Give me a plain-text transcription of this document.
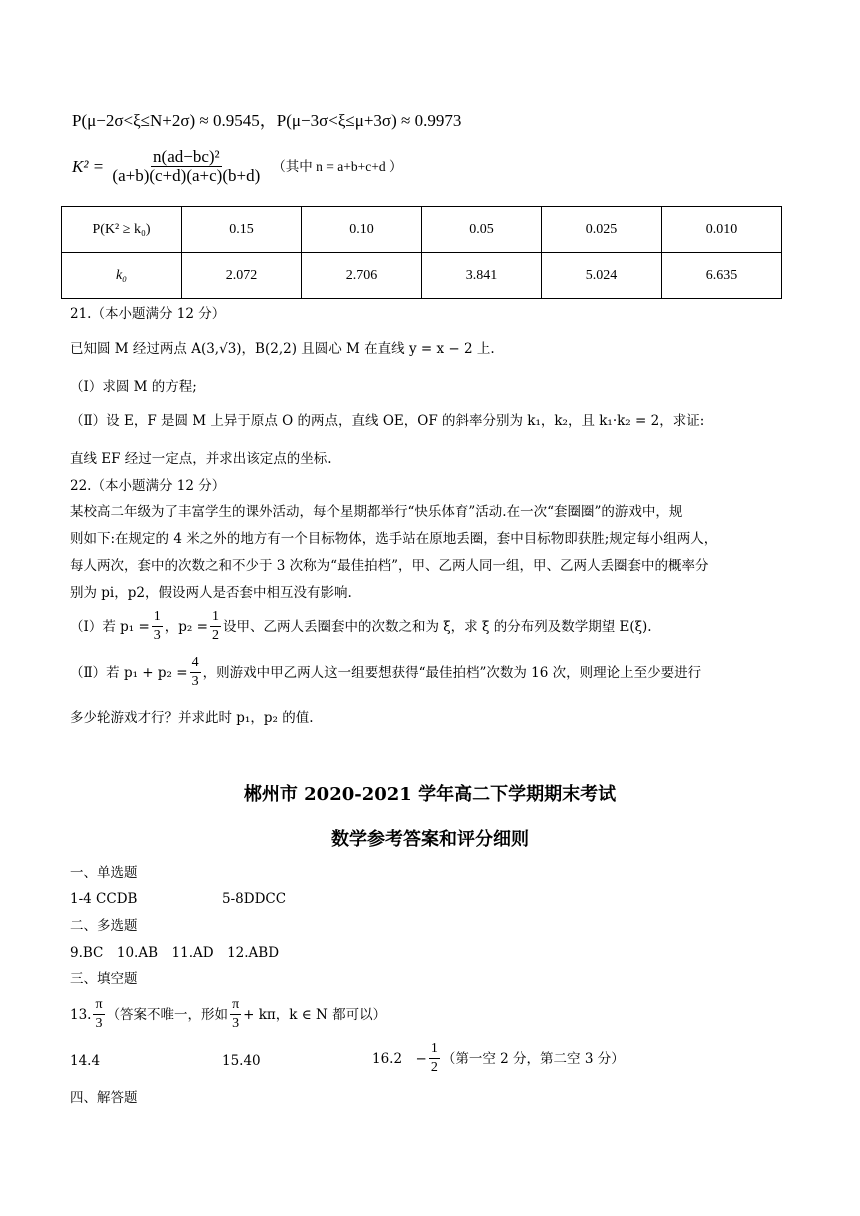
P(μ−2σ<ξ≤N+2σ) ≈ 0.9545，P(μ−3σ<ξ≤μ+3σ) ≈ 0.9973
$K^2 = \frac{\text{n(ad−bc)²}}{(a+b)(c+d)(a+c)(b+d)}$ （其中 n = a+b+c+d ）
P(K² ≥ k₀)	0.15	0.10	0.05	0.025	0.010
k₀	2.072	2.706	3.841	5.024	6.635
21.（本小题满分 12 分）
已知圆 M 经过两点 A(3,√3)，B(2,2) 且圆心 M 在直线 y = x − 2 上.
（Ⅰ）求圆 M 的方程;
（Ⅱ）设 E，F 是圆 M 上异于原点 O 的两点，直线 OE，OF 的斜率分别为 k₁，k₂，且 k₁·k₂ = 2，求证:
直线 EF 经过一定点，并求出该定点的坐标.
22.（本小题满分 12 分）
某校高二年级为了丰富学生的课外活动，每个星期都举行“快乐体育”活动.在一次“套圈圈”的游戏中，规
则如下:在规定的 4 米之外的地方有一个目标物体，选手站在原地丢圈，套中目标物即获胜;规定每小组两人，
每人两次，套中的次数之和不少于 3 次称为“最佳拍档”，甲、乙两人同一组，甲、乙两人丢圈套中的概率分
别为 pi，p2，假设两人是否套中相互没有影响.
（Ⅰ）若 $p_1 = \frac{1}{3}$ ，$p_2 = \frac{1}{2}$ 设甲、乙两人丢圈套中的次数之和为 ξ，求 ξ 的分布列及数学期望 E(ξ).
（Ⅱ）若 $p_1 + p_2 = \frac{4}{3}$ ，则游戏中甲乙两人这一组要想获得“最佳拍档”次数为 16 次，则理论上至少要进行
多少轮游戏才行？并求此时 p₁，p₂ 的值.
郴州市 2020-2021 学年高二下学期期末考试
数学参考答案和评分细则
一、单选题
1-4 CCDB	5-8DDCC
二、多选题
9.BC　10.AB　11.AD　12.ABD
三、填空题
13. $\frac{\pi}{3}$ （答案不唯一，形如 $\frac{\pi}{3} + k\pi$，k ∈ N 都可以）
14.4	15.40	16.2　− $\frac{1}{2}$ （第一空 2 分，第二空 3 分）
四、解答题
